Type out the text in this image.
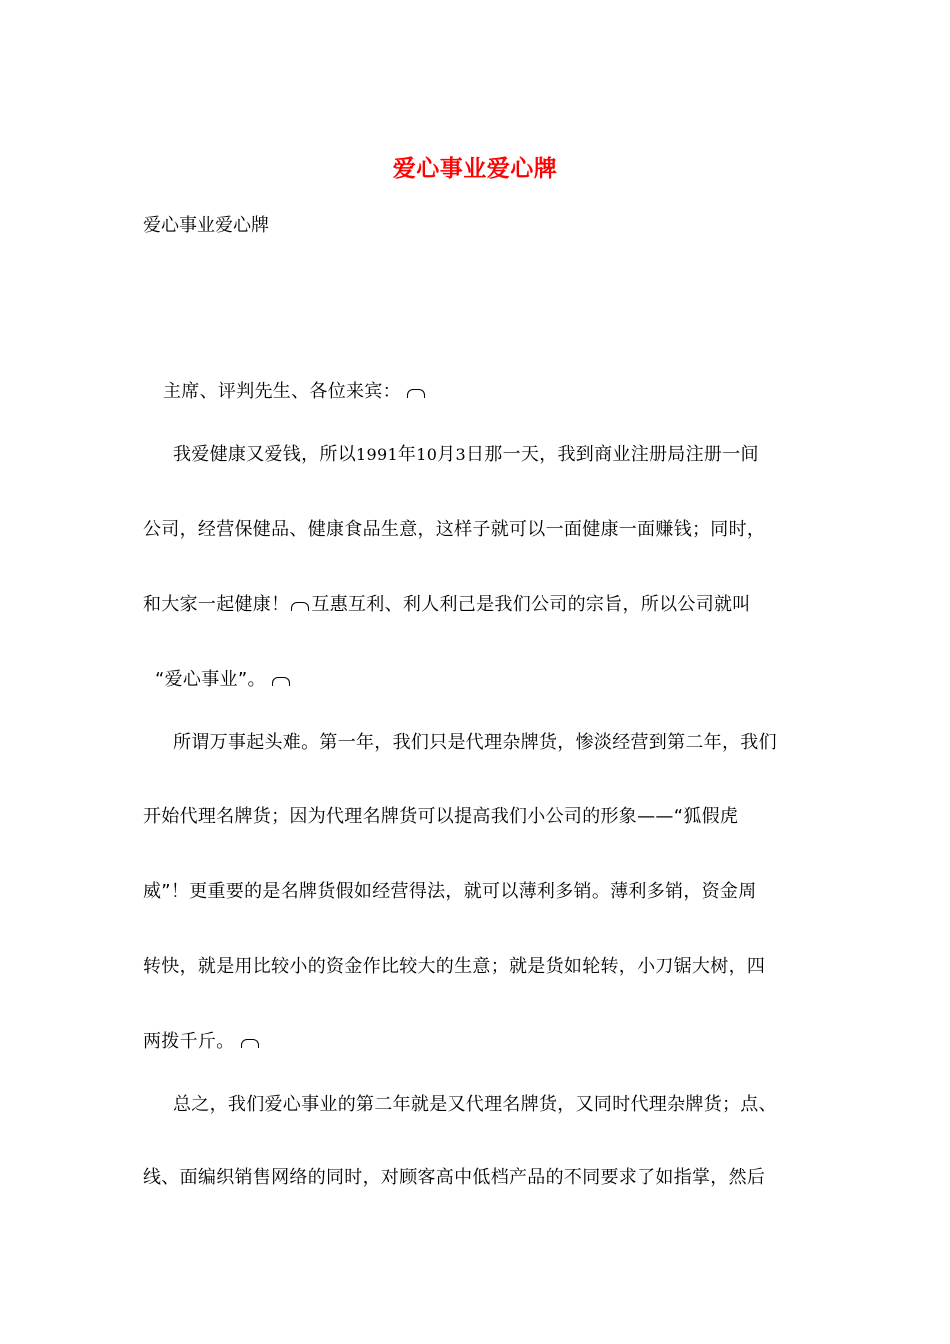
爱心事业爱心牌
爱心事业爱心牌
主席、评判先生、各位来宾：
我爱健康又爱钱，所以1991年10月3日那一天，我到商业注册局注册一间
公司，经营保健品、健康食品生意，这样子就可以一面健康一面赚钱；同时，
和大家一起健康！ 互惠互利、利人利己是我们公司的宗旨，所以公司就叫
“爱心事业”。
所谓万事起头难。第一年，我们只是代理杂牌货，惨淡经营到第二年，我们
开始代理名牌货；因为代理名牌货可以提高我们小公司的形象——“狐假虎
威”！更重要的是名牌货假如经营得法，就可以薄利多销。薄利多销，资金周
转快，就是用比较小的资金作比较大的生意；就是货如轮转，小刀锯大树，四
两拨千斤。
总之，我们爱心事业的第二年就是又代理名牌货，又同时代理杂牌货；点、
线、面编织销售网络的同时，对顾客高中低档产品的不同要求了如指掌，然后
